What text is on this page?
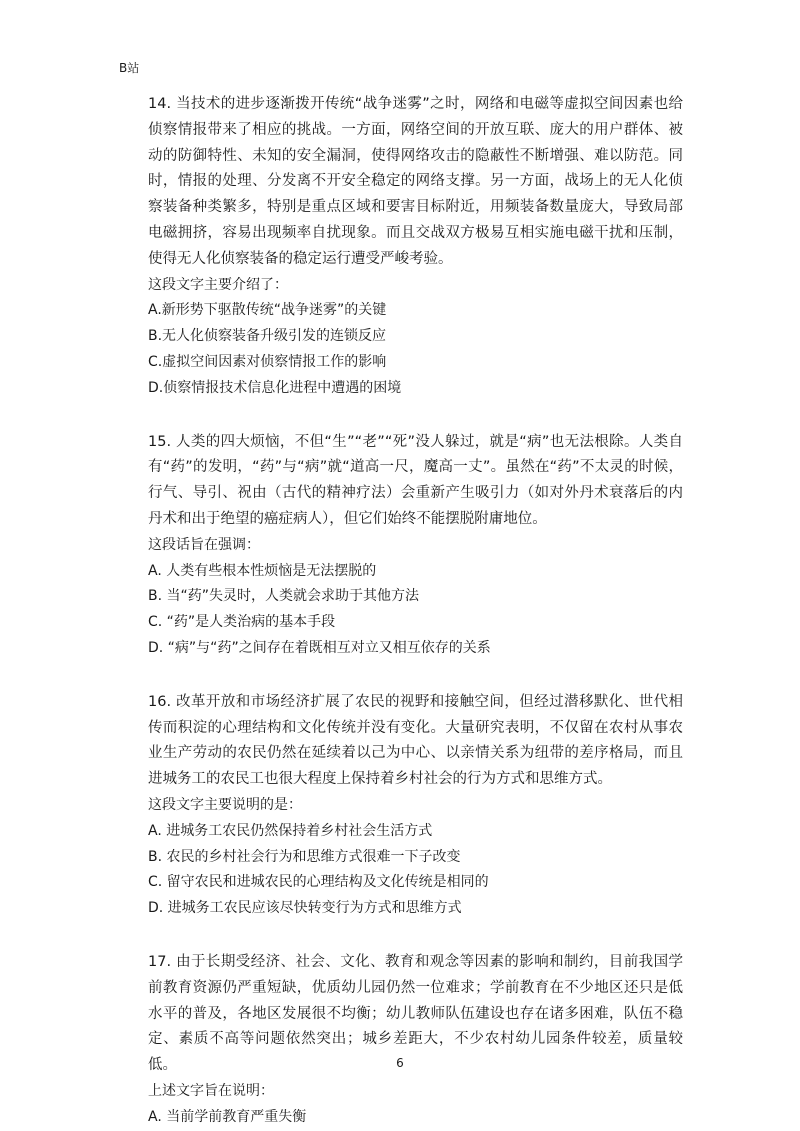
B站

14. 当技术的进步逐渐拨开传统“战争迷雾”之时，网络和电磁等虚拟空间因素也给侦察情报带来了相应的挑战。一方面，网络空间的开放互联、庞大的用户群体、被动的防御特性、未知的安全漏洞，使得网络攻击的隐蔽性不断增强、难以防范。同时，情报的处理、分发离不开安全稳定的网络支撑。另一方面，战场上的无人化侦察装备种类繁多，特别是重点区域和要害目标附近，用频装备数量庞大，导致局部电磁拥挤，容易出现频率自扰现象。而且交战双方极易互相实施电磁干扰和压制，使得无人化侦察装备的稳定运行遭受严峻考验。

这段文字主要介绍了：

A.新形势下驱散传统“战争迷雾”的关键
B.无人化侦察装备升级引发的连锁反应
C.虚拟空间因素对侦察情报工作的影响
D.侦察情报技术信息化进程中遭遇的困境

15. 人类的四大烦恼，不但“生”“老”“死”没人躲过，就是“病”也无法根除。人类自有“药”的发明，“药”与“病”就“道高一尺，魔高一丈”。虽然在“药”不太灵的时候，行气、导引、祝由（古代的精神疗法）会重新产生吸引力（如对外丹术衰落后的内丹术和出于绝望的癌症病人），但它们始终不能摆脱附庸地位。

这段话旨在强调：

A. 人类有些根本性烦恼是无法摆脱的
B. 当“药”失灵时，人类就会求助于其他方法
C. “药”是人类治病的基本手段
D. “病”与“药”之间存在着既相互对立又相互依存的关系

16. 改革开放和市场经济扩展了农民的视野和接触空间，但经过潜移默化、世代相传而积淀的心理结构和文化传统并没有变化。大量研究表明，不仅留在农村从事农业生产劳动的农民仍然在延续着以己为中心、以亲情关系为纽带的差序格局，而且进城务工的农民工也很大程度上保持着乡村社会的行为方式和思维方式。

这段文字主要说明的是：

A. 进城务工农民仍然保持着乡村社会生活方式
B. 农民的乡村社会行为和思维方式很难一下子改变
C. 留守农民和进城农民的心理结构及文化传统是相同的
D. 进城务工农民应该尽快转变行为方式和思维方式

17. 由于长期受经济、社会、文化、教育和观念等因素的影响和制约，目前我国学前教育资源仍严重短缺，优质幼儿园仍然一位难求；学前教育在不少地区还只是低水平的普及，各地区发展很不均衡；幼儿教师队伍建设也存在诸多困难，队伍不稳定、素质不高等问题依然突出；城乡差距大，不少农村幼儿园条件较差，质量较低。

上述文字旨在说明：

A. 当前学前教育严重失衡
6
